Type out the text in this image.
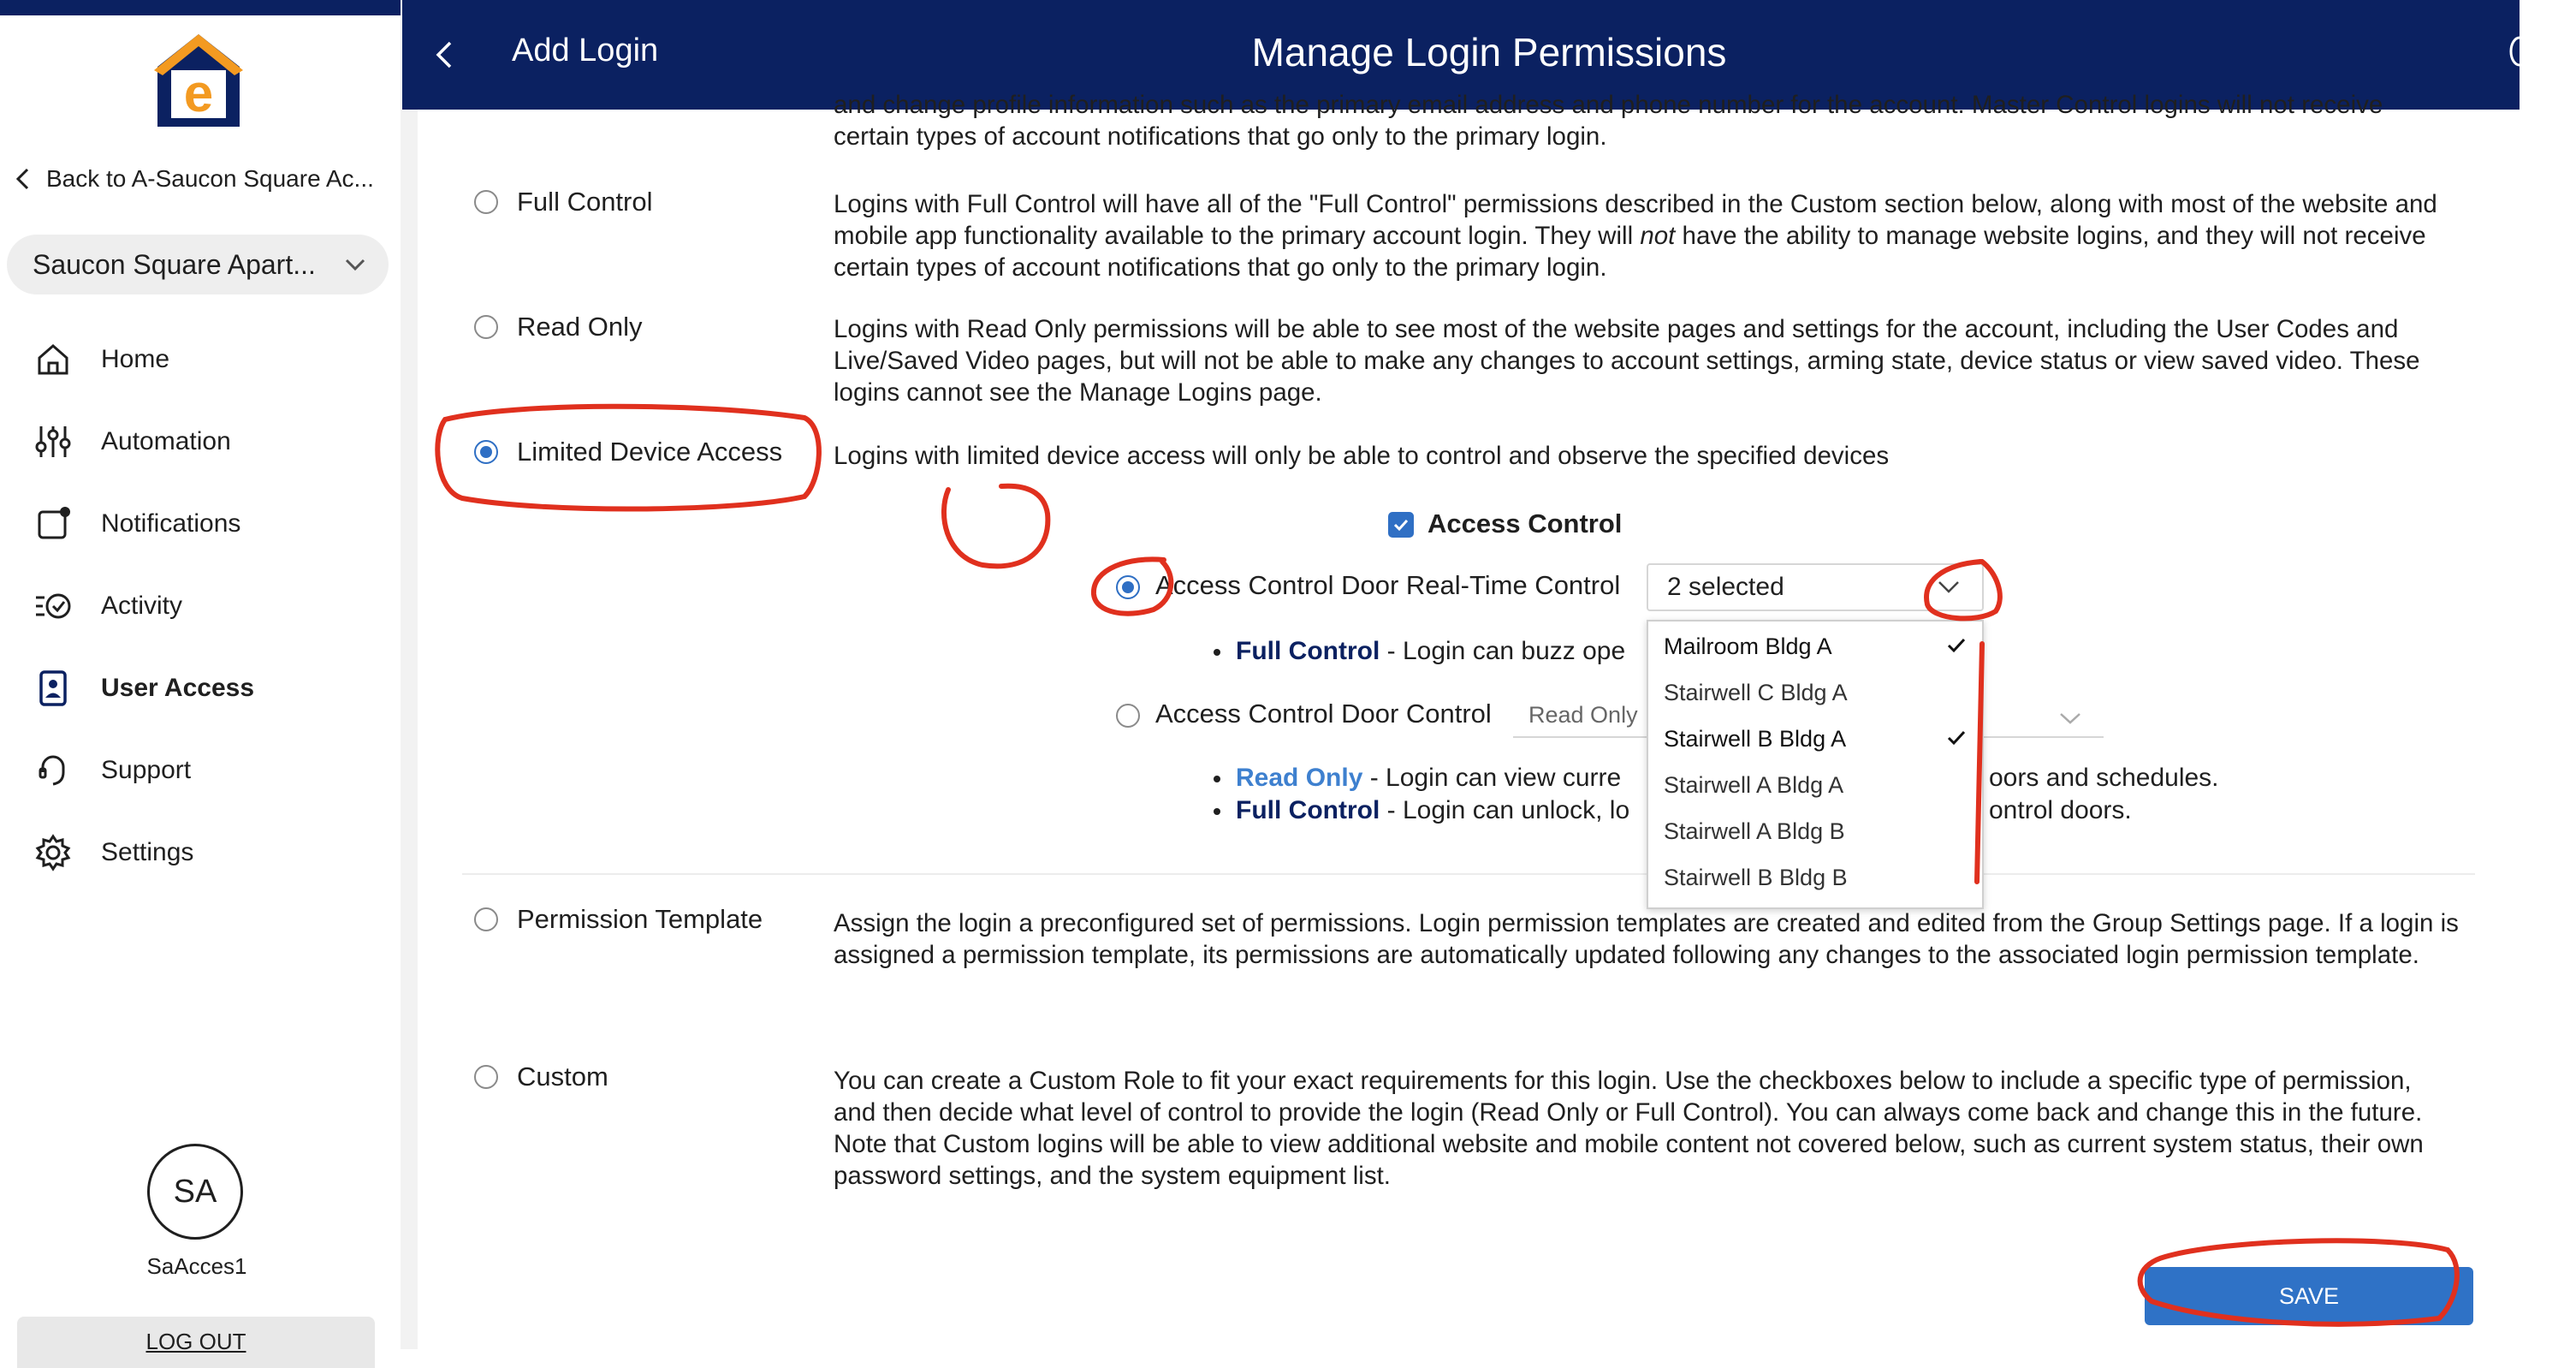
e
Back to A-Saucon Square Ac...
Saucon Square Apart...
Home
Automation
Notifications
Activity
User Access
Support
Settings
SA
SaAcces1
LOG OUT
Add Login	Manage Login Permissions
and change profile information such as the primary email address and phone number for the account. Master Control logins will not receive certain types of account notifications that go only to the primary login.
Full Control	Logins with Full Control will have all of the "Full Control" permissions described in the Custom section below, along with most of the website and mobile app functionality available to the primary account login. They will not have the ability to manage website logins, and they will not receive certain types of account notifications that go only to the primary login.
Read Only	Logins with Read Only permissions will be able to see most of the website pages and settings for the account, including the User Codes and Live/Saved Video pages, but will not be able to make any changes to account settings, arming state, device status or view saved video. These logins cannot see the Manage Logins page.
Limited Device Access Logins with limited device access will only be able to control and observe the specified devices
Access Control
Access Control Door Real-Time Control 2 selected
Full Control - Login can buzz ope
Access Control Door Control Read Only
Read Only - Login can view curre	oors and schedules.
Full Control - Login can unlock, lo	ontrol doors.
Permission Template	Assign the login a preconfigured set of permissions. Login permission templates are created and edited from the Group Settings page. If a login is assigned a permission template, its permissions are automatically updated following any changes to the associated login permission template.
Custom	You can create a Custom Role to fit your exact requirements for this login. Use the checkboxes below to include a specific type of permission, and then decide what level of control to provide the login (Read Only or Full Control). You can always come back and change this in the future. Note that Custom logins will be able to view additional website and mobile content not covered below, such as current system status, their own password settings, and the system equipment list.
Mailroom Bldg A
Stairwell C Bldg A
Stairwell B Bldg A
Stairwell A Bldg A
Stairwell A Bldg B
Stairwell B Bldg B
SAVE
